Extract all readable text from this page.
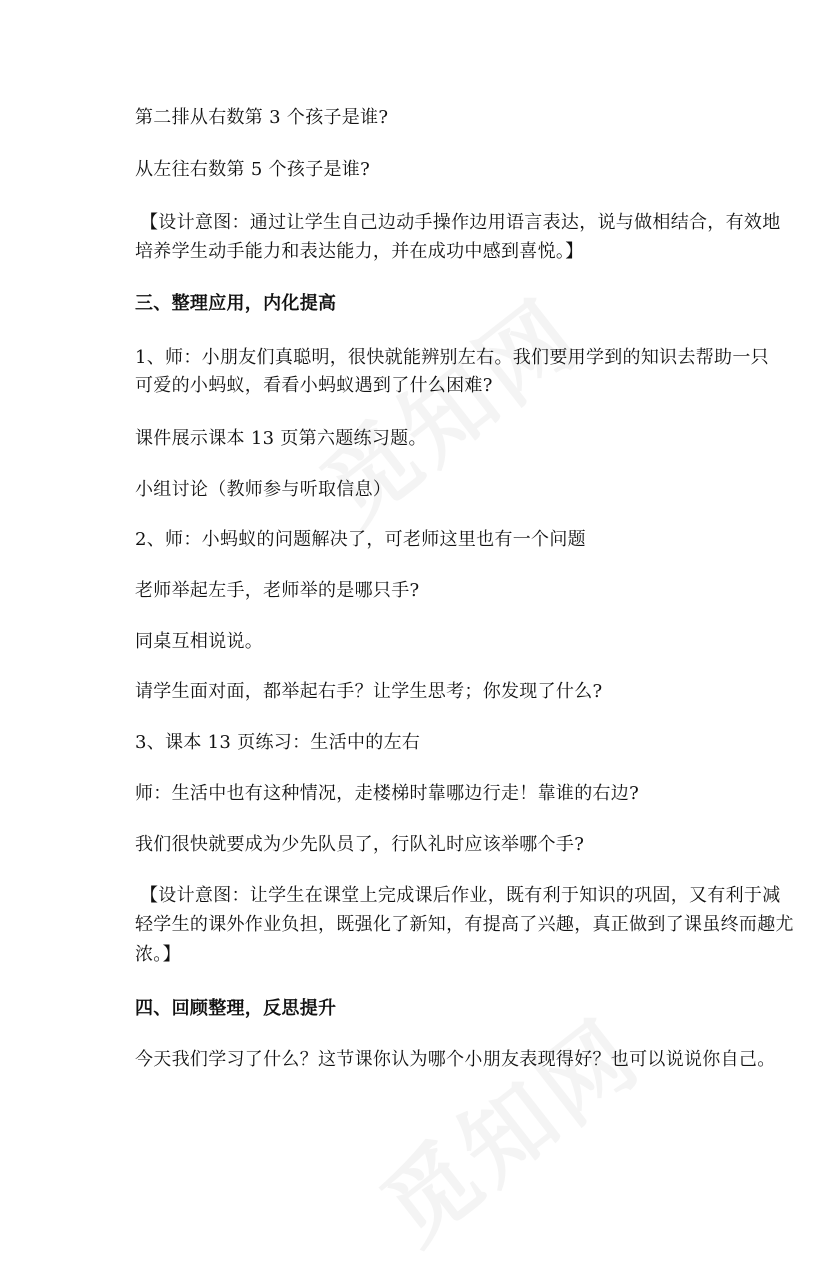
第二排从右数第 3 个孩子是谁?

从左往右数第 5 个孩子是谁?

【设计意图：通过让学生自己边动手操作边用语言表达，说与做相结合，有效地

培养学生动手能力和表达能力，并在成功中感到喜悦。】

三、整理应用，内化提高

1、师：小朋友们真聪明，很快就能辨别左右。我们要用学到的知识去帮助一只

可爱的小蚂蚁，看看小蚂蚁遇到了什么困难?

课件展示课本 13 页第六题练习题。

小组讨论（教师参与听取信息）

2、师：小蚂蚁的问题解决了，可老师这里也有一个问题

老师举起左手，老师举的是哪只手?

同桌互相说说。

请学生面对面，都举起右手？让学生思考；你发现了什么?

3、课本 13 页练习：生活中的左右

师：生活中也有这种情况，走楼梯时靠哪边行走！靠谁的右边?

我们很快就要成为少先队员了，行队礼时应该举哪个手?

【设计意图：让学生在课堂上完成课后作业，既有利于知识的巩固，又有利于减

轻学生的课外作业负担，既强化了新知，有提高了兴趣，真正做到了课虽终而趣尤

浓。】

四、回顾整理，反思提升

今天我们学习了什么？这节课你认为哪个小朋友表现得好？也可以说说你自己。
